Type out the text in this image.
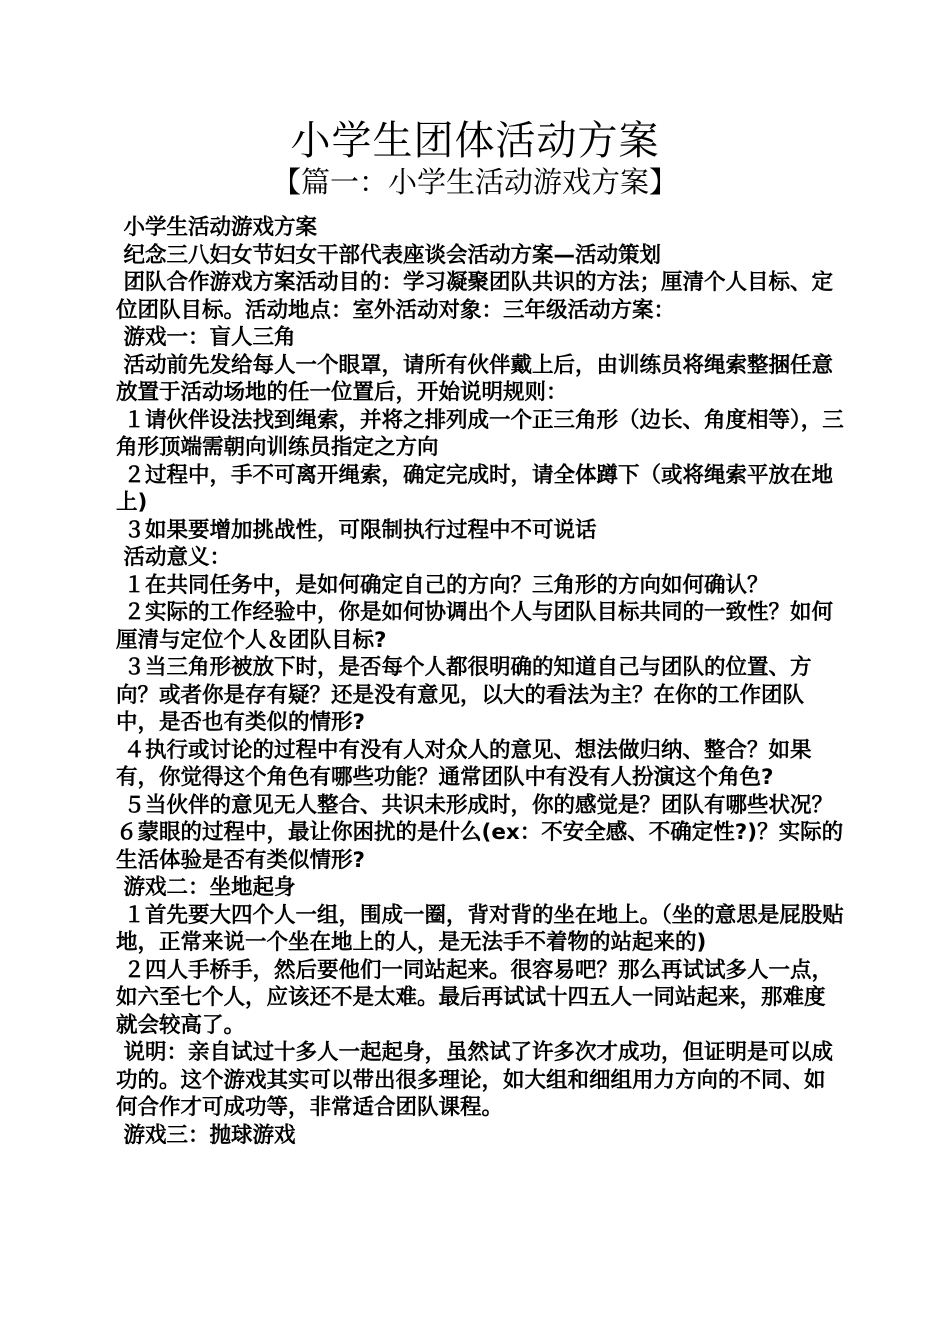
小学生团体活动方案
【篇一：小学生活动游戏方案】

小学生活动游戏方案

纪念三八妇女节妇女干部代表座谈会活动方案—活动策划

团队合作游戏方案活动目的：学习凝聚团队共识的方法；厘清个人目标、定位团队目标。活动地点：室外活动对象：三年级活动方案：

游戏一：盲人三角

活动前先发给每人一个眼罩，请所有伙伴戴上后，由训练员将绳索整捆任意放置于活动场地的任一位置后，开始说明规则：

１请伙伴设法找到绳索，并将之排列成一个正三角形（边长、角度相等），三角形顶端需朝向训练员指定之方向

２过程中，手不可离开绳索，确定完成时，请全体蹲下（或将绳索平放在地上)

３如果要增加挑战性，可限制执行过程中不可说话

活动意义：

１在共同任务中，是如何确定自己的方向？三角形的方向如何确认？

２实际的工作经验中，你是如何协调出个人与团队目标共同的一致性？如何厘清与定位个人＆团队目标?

３当三角形被放下时，是否每个人都很明确的知道自己与团队的位置、方向？或者你是存有疑？还是没有意见，以大的看法为主？在你的工作团队中，是否也有类似的情形?

４执行或讨论的过程中有没有人对众人的意见、想法做归纳、整合？如果有，你觉得这个角色有哪些功能？通常团队中有没有人扮演这个角色?

５当伙伴的意见无人整合、共识未形成时，你的感觉是？团队有哪些状况？ ６蒙眼的过程中，最让你困扰的是什么(ex：不安全感、不确定性?)？实际的生活体验是否有类似情形?

游戏二：坐地起身

１首先要大四个人一组，围成一圈，背对背的坐在地上。（坐的意思是屁股贴地，正常来说一个坐在地上的人，是无法手不着物的站起来的)

２四人手桥手，然后要他们一同站起来。很容易吧？那么再试试多人一点，如六至七个人，应该还不是太难。最后再试试十四五人一同站起来，那难度就会较高了。

说明：亲自试过十多人一起起身，虽然试了许多次才成功，但证明是可以成功的。这个游戏其实可以带出很多理论，如大组和细组用力方向的不同、如何合作才可成功等，非常适合团队课程。

游戏三：抛球游戏
